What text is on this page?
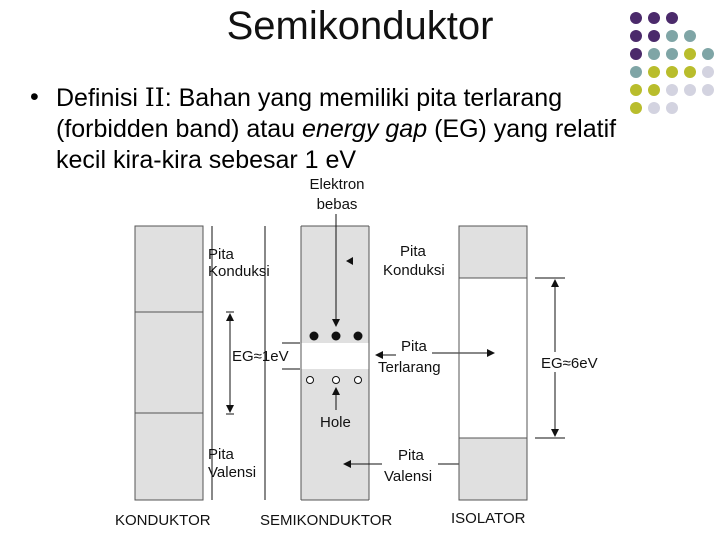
Semikonduktor
• Definisi II: Bahan yang memiliki pita terlarang (forbidden band) atau energy gap (EG) yang relatif kecil kira-kira sebesar 1 eV
Pita
Konduksi
Pita
Valensi
KONDUKTOR
EG≈1eV
Elektron
bebas
Hole
SEMIKONDUKTOR
Pita
Konduksi
Pita
Terlarang
Pita
Valensi
EG≈6eV
ISOLATOR
